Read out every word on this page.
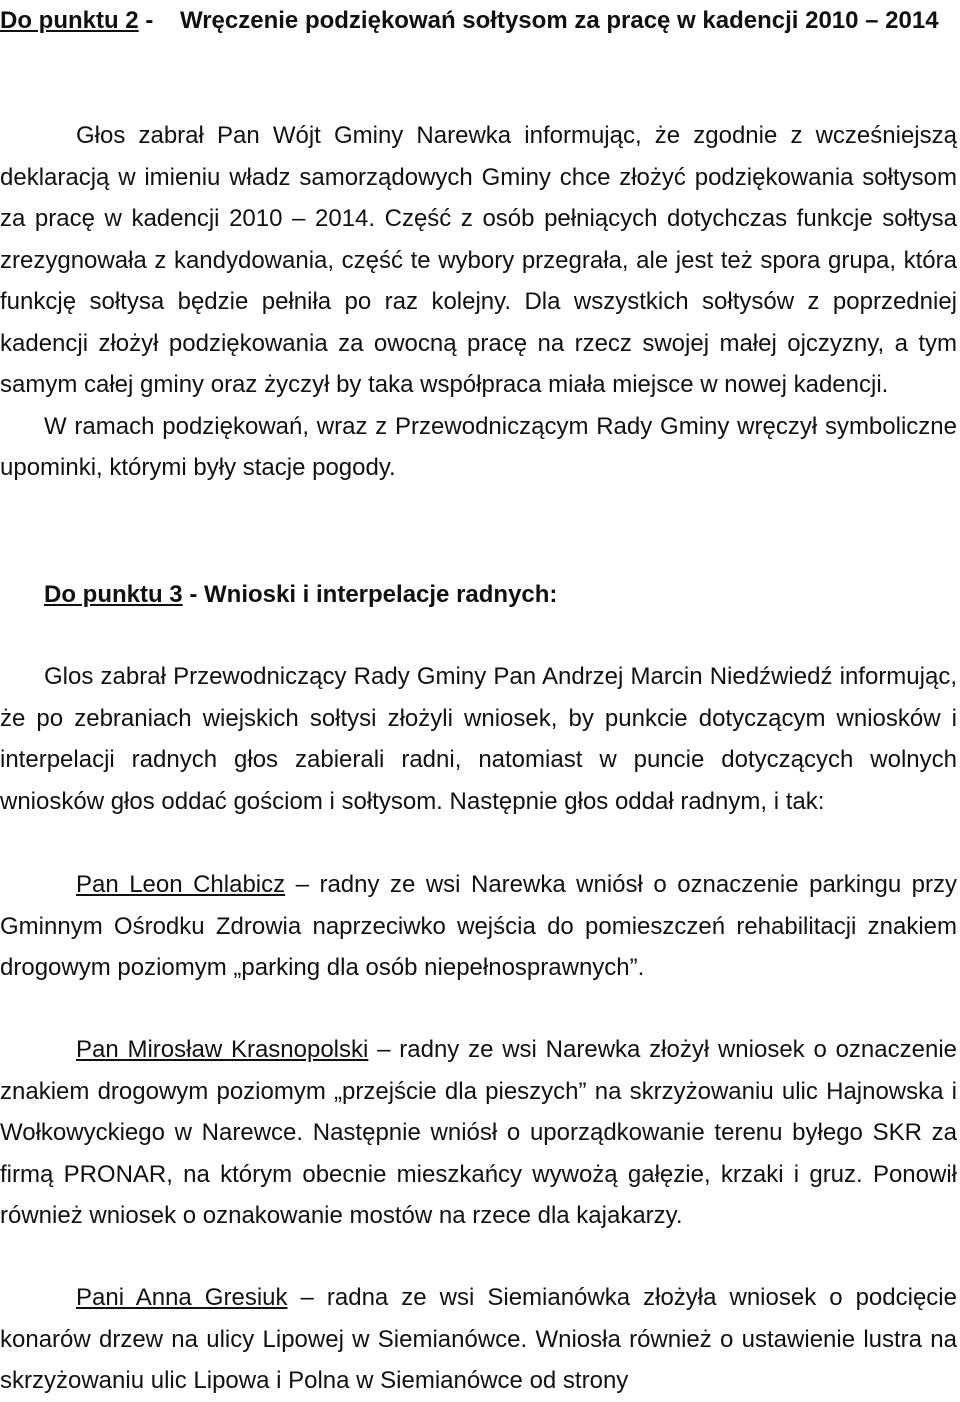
Do punktu 2 - Wręczenie podziękowań sołtysom za pracę w kadencji 2010 – 2014

Głos zabrał Pan Wójt Gminy Narewka informując, że zgodnie z wcześniejszą deklaracją w imieniu władz samorządowych Gminy chce złożyć podziękowania sołtysom za pracę w kadencji 2010 – 2014. Część z osób pełniących dotychczas funkcje sołtysa zrezygnowała z kandydowania, część te wybory przegrała, ale jest też spora grupa, która funkcję sołtysa będzie pełniła po raz kolejny. Dla wszystkich sołtysów z poprzedniej kadencji złożył podziękowania za owocną pracę na rzecz swojej małej ojczyzny, a tym samym całej gminy oraz życzył by taka współpraca miała miejsce w nowej kadencji.

W ramach podziękowań, wraz z Przewodniczącym Rady Gminy wręczył symboliczne upominki, którymi były stacje pogody.

Do punktu 3 - Wnioski i interpelacje radnych:

Glos zabrał Przewodniczący Rady Gminy Pan Andrzej Marcin Niedźwiedź informując, że po zebraniach wiejskich sołtysi złożyli wniosek, by punkcie dotyczącym wniosków i interpelacji radnych głos zabierali radni, natomiast w puncie dotyczących wolnych wniosków głos oddać gościom i sołtysom. Następnie głos oddał radnym, i tak:

Pan Leon Chlabicz – radny ze wsi Narewka wniósł o oznaczenie parkingu przy Gminnym Ośrodku Zdrowia naprzeciwko wejścia do pomieszczeń rehabilitacji znakiem drogowym poziomym „parking dla osób niepełnosprawnych”.

Pan Mirosław Krasnopolski – radny ze wsi Narewka złożył wniosek o oznaczenie znakiem drogowym poziomym „przejście dla pieszych” na skrzyżowaniu ulic Hajnowska i Wołkowyckiego w Narewce. Następnie wniósł o uporządkowanie terenu byłego SKR za firmą PRONAR, na którym obecnie mieszkańcy wywożą gałęzie, krzaki i gruz. Ponowił również wniosek o oznakowanie mostów na rzece dla kajakarzy.

Pani Anna Gresiuk – radna ze wsi Siemianówka złożyła wniosek o podcięcie konarów drzew na ulicy Lipowej w Siemianówce. Wniosła również o ustawienie lustra na skrzyżowaniu ulic Lipowa i Polna w Siemianówce od strony
